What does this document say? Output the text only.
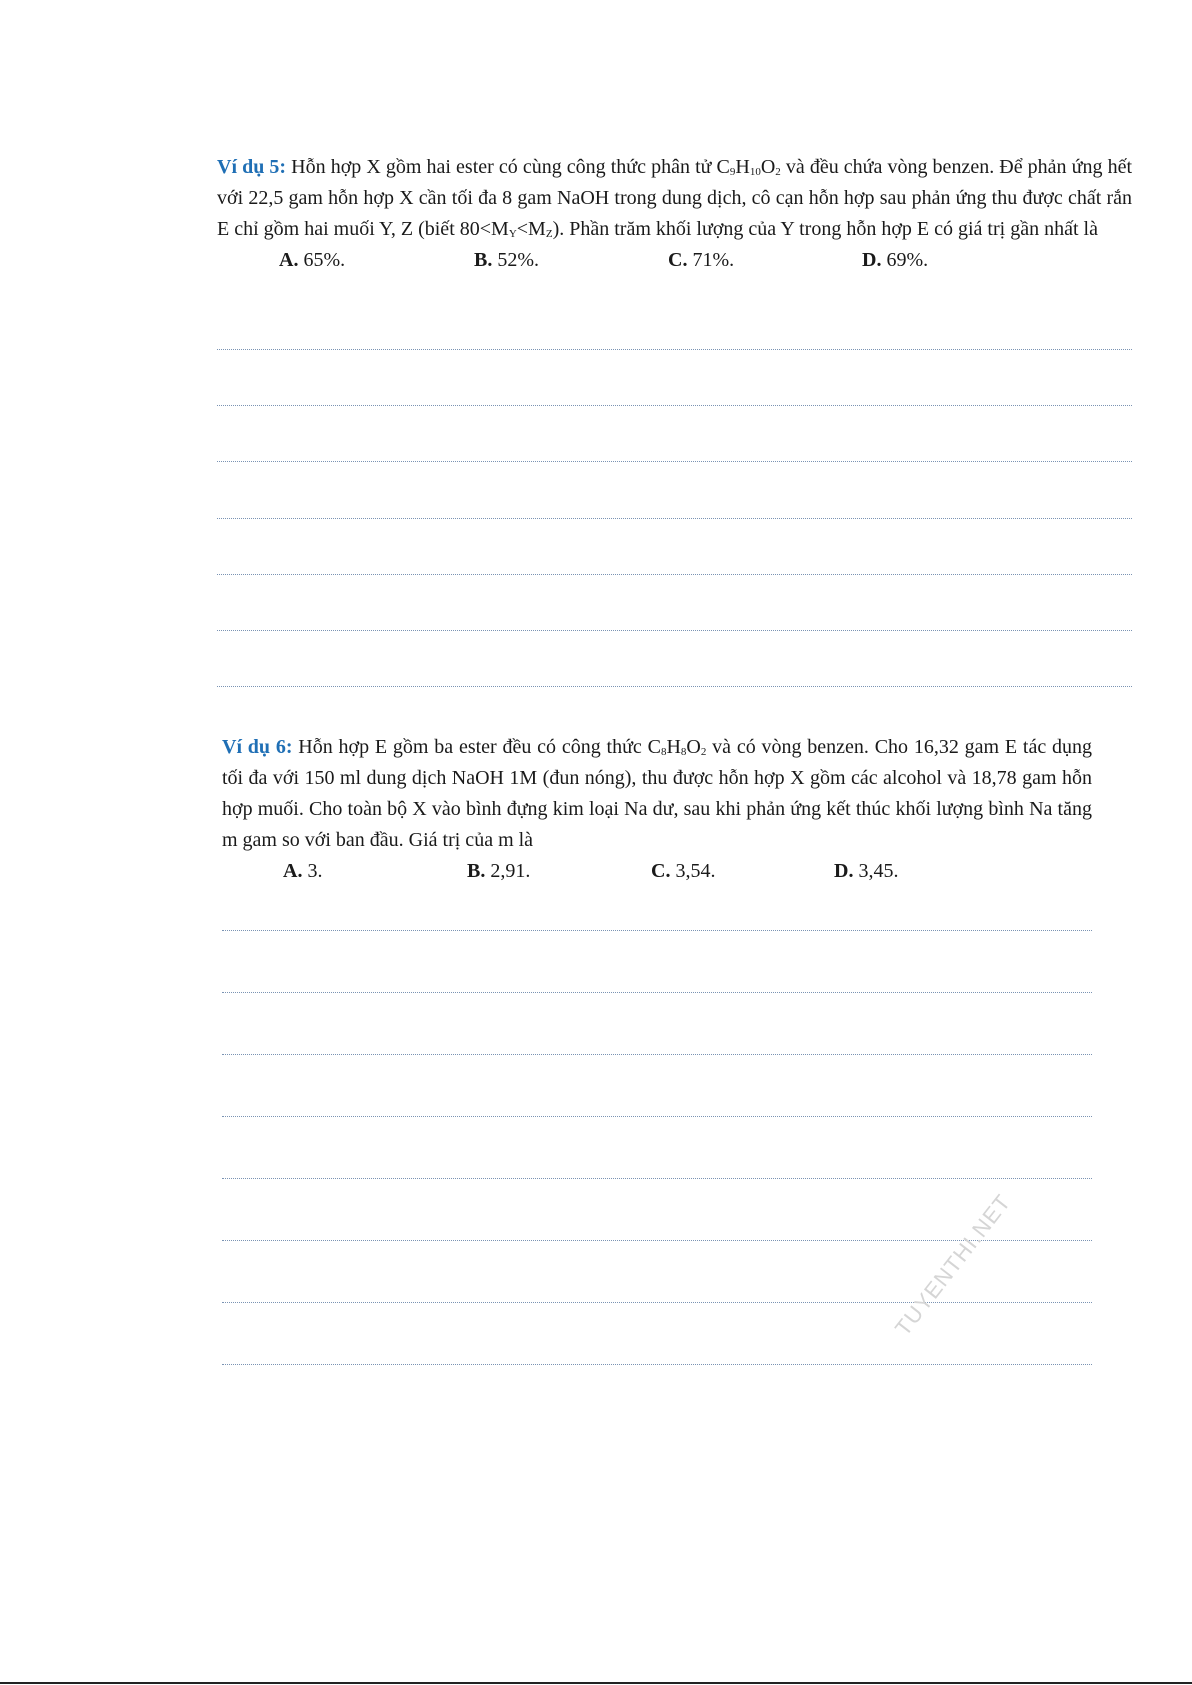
Ví dụ 5: Hỗn hợp X gồm hai ester có cùng công thức phân tử $C_9H_{10}O_2$ và đều chứa vòng benzen. Để phản ứng hết với 22,5 gam hỗn hợp X cần tối đa 8 gam NaOH trong dung dịch, cô cạn hỗn hợp sau phản ứng thu được chất rắn E chỉ gồm hai muối Y, Z (biết $80<M_Y<M_Z$). Phần trăm khối lượng của Y trong hỗn hợp E có giá trị gần nhất là
A. 65%.	B. 52%.	C. 71%.	D. 69%.
Ví dụ 6: Hỗn hợp E gồm ba ester đều có công thức $C_8H_8O_2$ và có vòng benzen. Cho 16,32 gam E tác dụng tối đa với 150 ml dung dịch NaOH 1M (đun nóng), thu được hỗn hợp X gồm các alcohol và 18,78 gam hỗn hợp muối. Cho toàn bộ X vào bình đựng kim loại Na dư, sau khi phản ứng kết thúc khối lượng bình Na tăng m gam so với ban đầu. Giá trị của m là
A. 3.	B. 2,91.	C. 3,54.	D. 3,45.
TUYENTHI.NET
